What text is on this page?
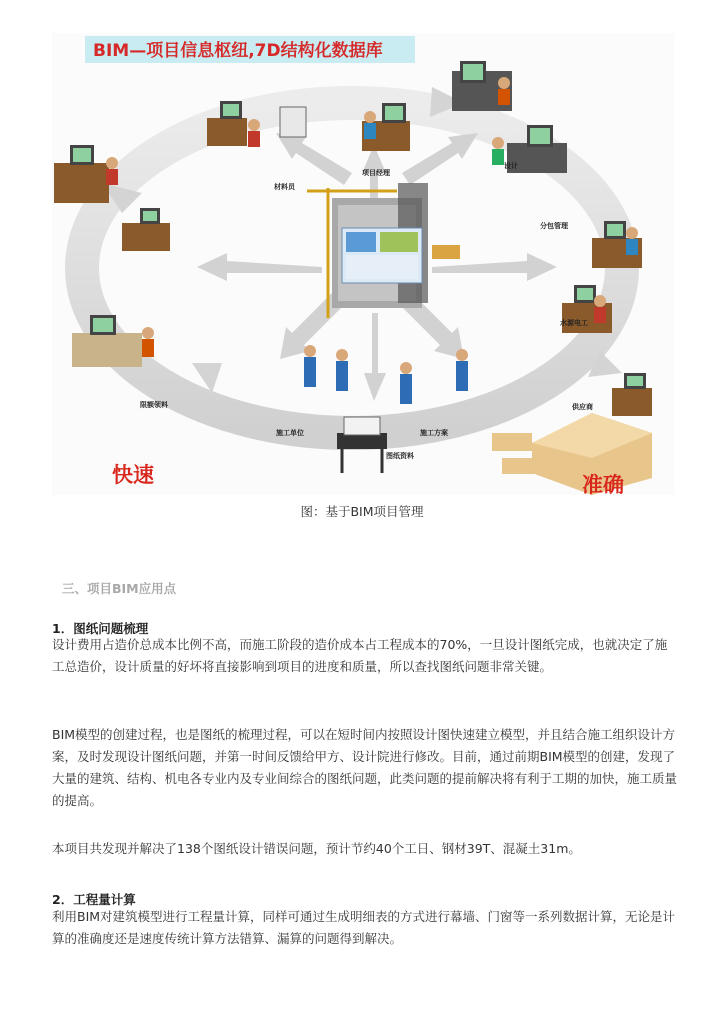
BIM—项目信息枢纽,7D结构化数据库
材料员
项目经理
设计
分包管理
水源电工
供应商
限额领料
施工单位	施工方案
图纸资料
快速	准确
图：基于BIM项目管理
三、项目BIM应用点
1．图纸问题梳理

设计费用占造价总成本比例不高，而施工阶段的造价成本占工程成本的70%，一旦设计图纸完成，也就决定了施工总造价，设计质量的好坏将直接影响到项目的进度和质量，所以查找图纸问题非常关键。

BIM模型的创建过程，也是图纸的梳理过程，可以在短时间内按照设计图快速建立模型，并且结合施工组织设计方案，及时发现设计图纸问题，并第一时间反馈给甲方、设计院进行修改。目前，通过前期BIM模型的创建，发现了大量的建筑、结构、机电各专业内及专业间综合的图纸问题，此类问题的提前解决将有利于工期的加快，施工质量的提高。

本项目共发现并解决了138个图纸设计错误问题，预计节约40个工日、钢材39T、混凝土31m。

2．工程量计算

利用BIM对建筑模型进行工程量计算，同样可通过生成明细表的方式进行幕墙、门窗等一系列数据计算，无论是计算的准确度还是速度传统计算方法错算、漏算的问题得到解决。
